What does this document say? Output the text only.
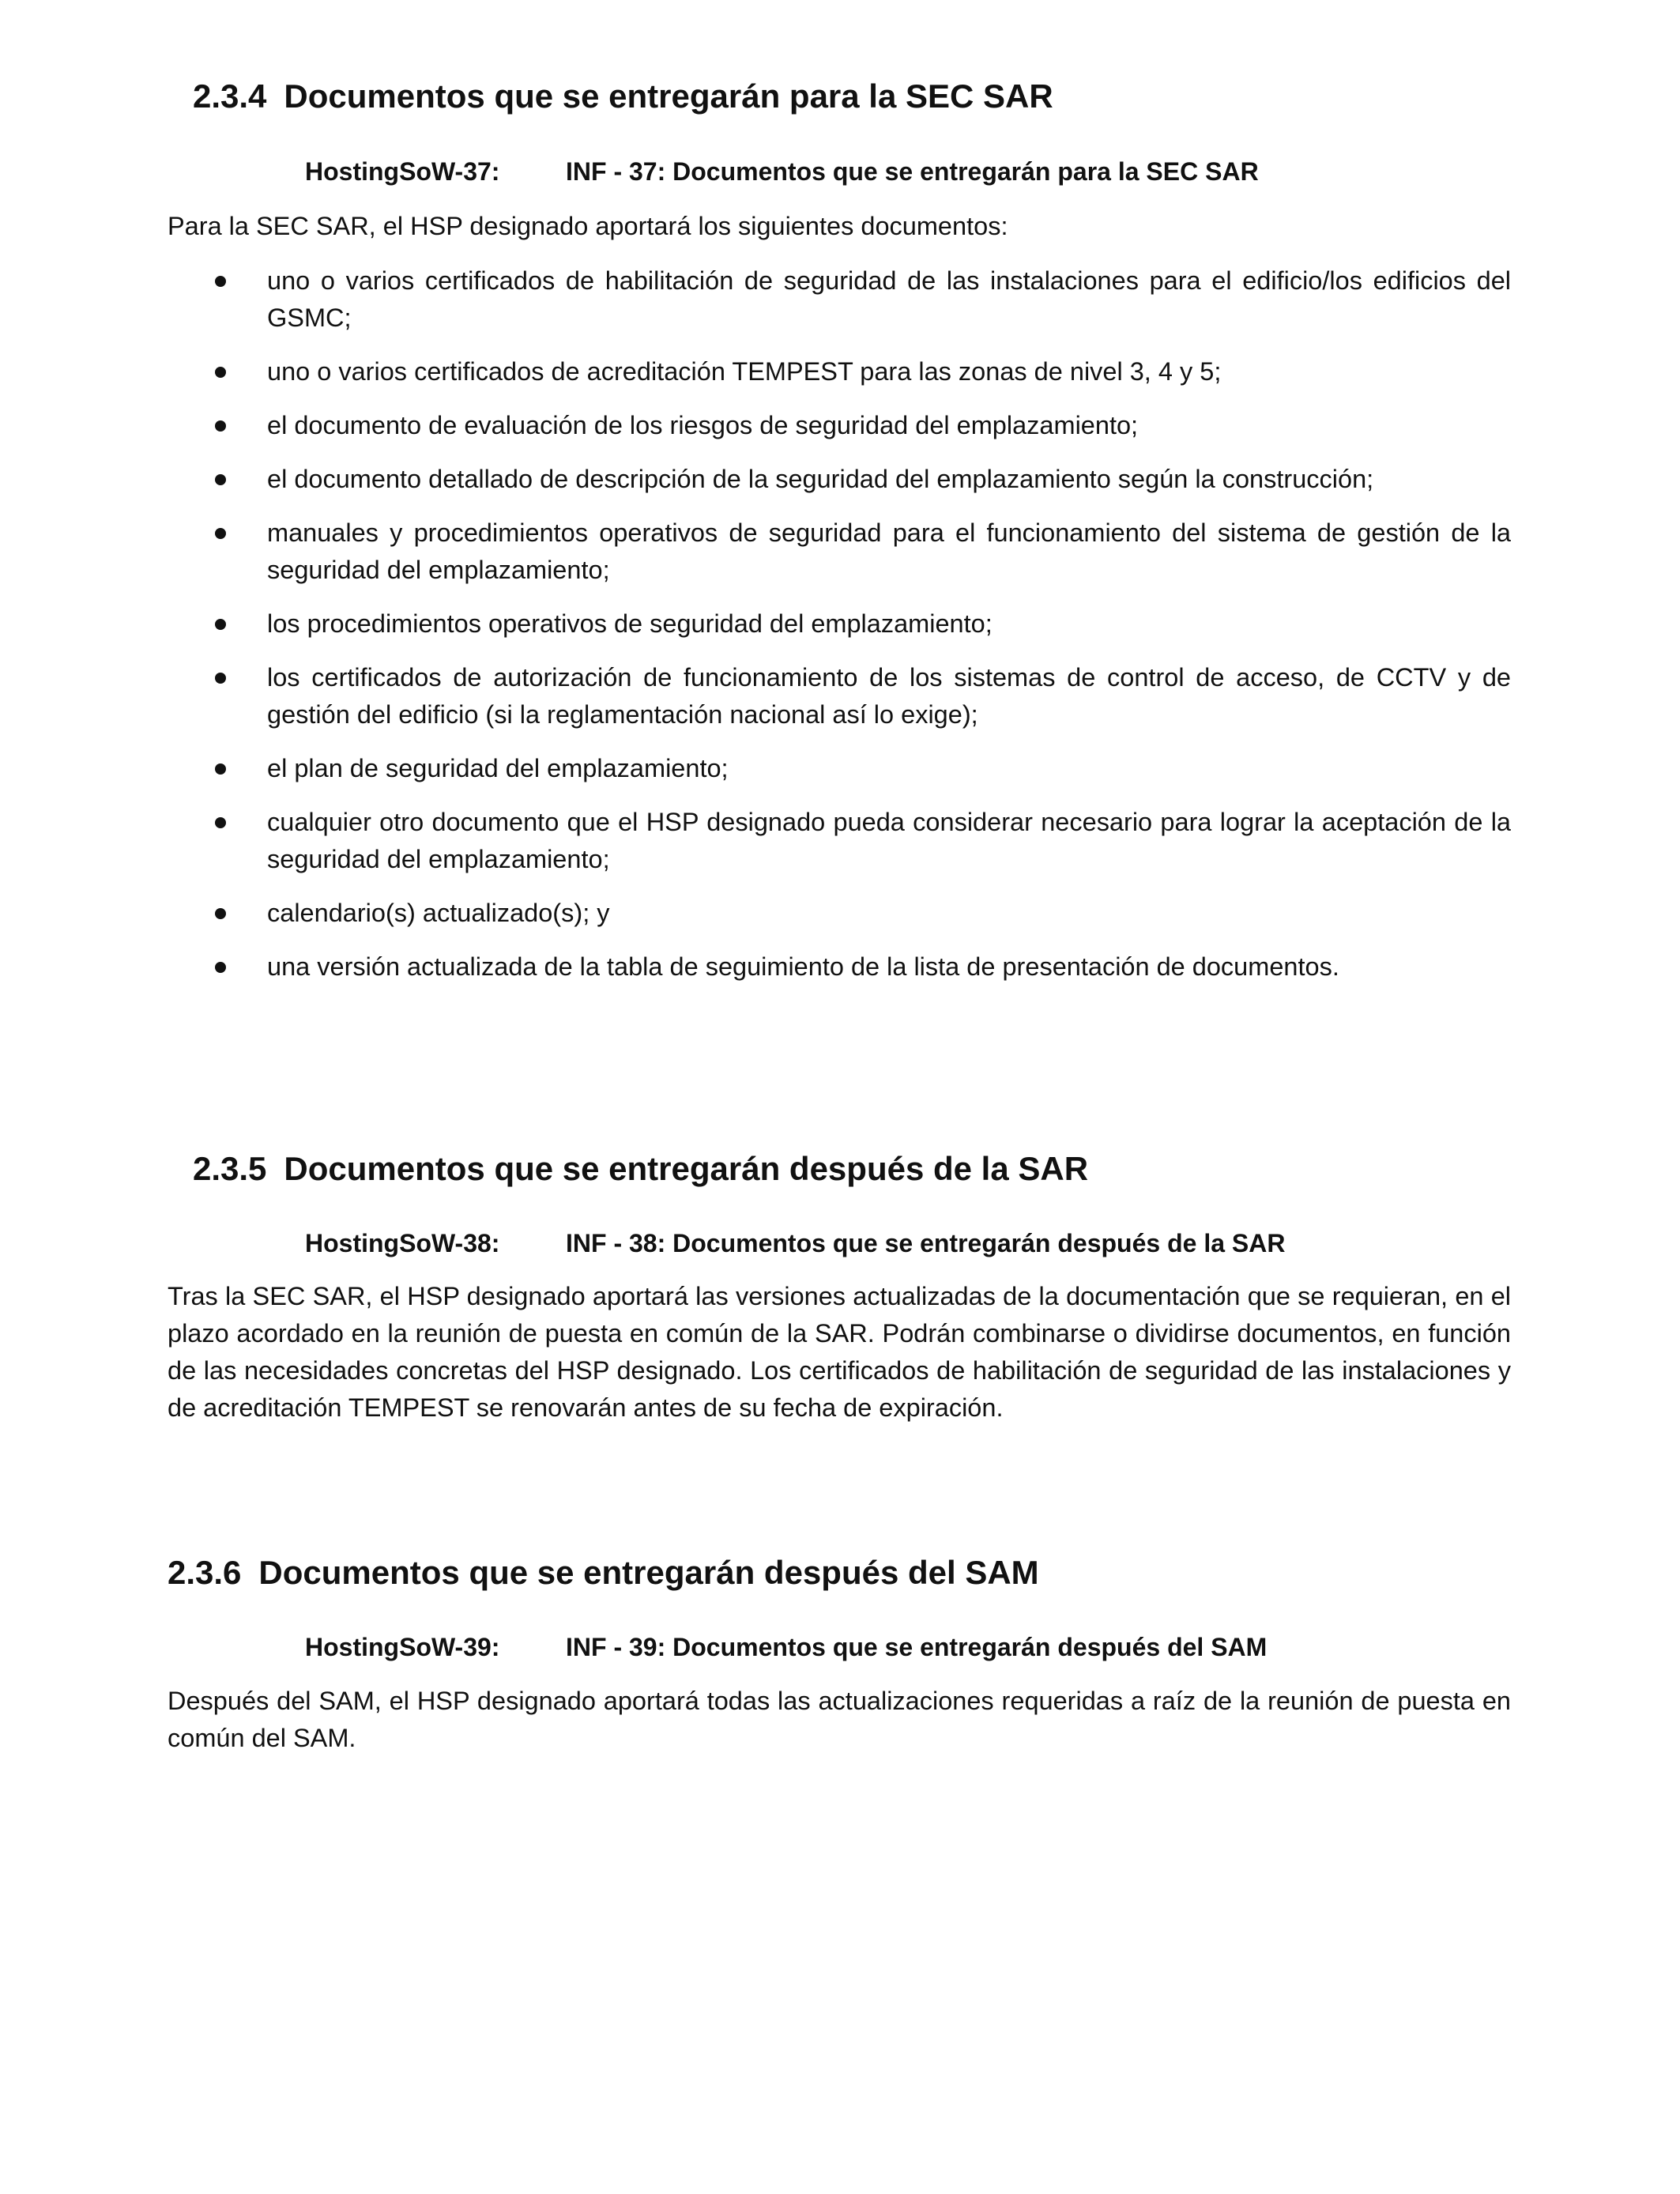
2.3.4 Documentos que se entregarán para la SEC SAR
HostingSoW-37:	INF - 37: Documentos que se entregarán para la SEC SAR
Para la SEC SAR, el HSP designado aportará los siguientes documentos:
uno o varios certificados de habilitación de seguridad de las instalaciones para el edificio/los edificios del GSMC;
uno o varios certificados de acreditación TEMPEST para las zonas de nivel 3, 4 y 5;
el documento de evaluación de los riesgos de seguridad del emplazamiento;
el documento detallado de descripción de la seguridad del emplazamiento según la construcción;
manuales y procedimientos operativos de seguridad para el funcionamiento del sistema de gestión de la seguridad del emplazamiento;
los procedimientos operativos de seguridad del emplazamiento;
los certificados de autorización de funcionamiento de los sistemas de control de acceso, de CCTV y de gestión del edificio (si la reglamentación nacional así lo exige);
el plan de seguridad del emplazamiento;
cualquier otro documento que el HSP designado pueda considerar necesario para lograr la aceptación de la seguridad del emplazamiento;
calendario(s) actualizado(s); y
una versión actualizada de la tabla de seguimiento de la lista de presentación de documentos.
2.3.5 Documentos que se entregarán después de la SAR
HostingSoW-38:	INF - 38: Documentos que se entregarán después de la SAR
Tras la SEC SAR, el HSP designado aportará las versiones actualizadas de la documentación que se requieran, en el plazo acordado en la reunión de puesta en común de la SAR. Podrán combinarse o dividirse documentos, en función de las necesidades concretas del HSP designado. Los certificados de habilitación de seguridad de las instalaciones y de acreditación TEMPEST se renovarán antes de su fecha de expiración.
2.3.6 Documentos que se entregarán después del SAM
HostingSoW-39:	INF - 39: Documentos que se entregarán después del SAM
Después del SAM, el HSP designado aportará todas las actualizaciones requeridas a raíz de la reunión de puesta en común del SAM.
